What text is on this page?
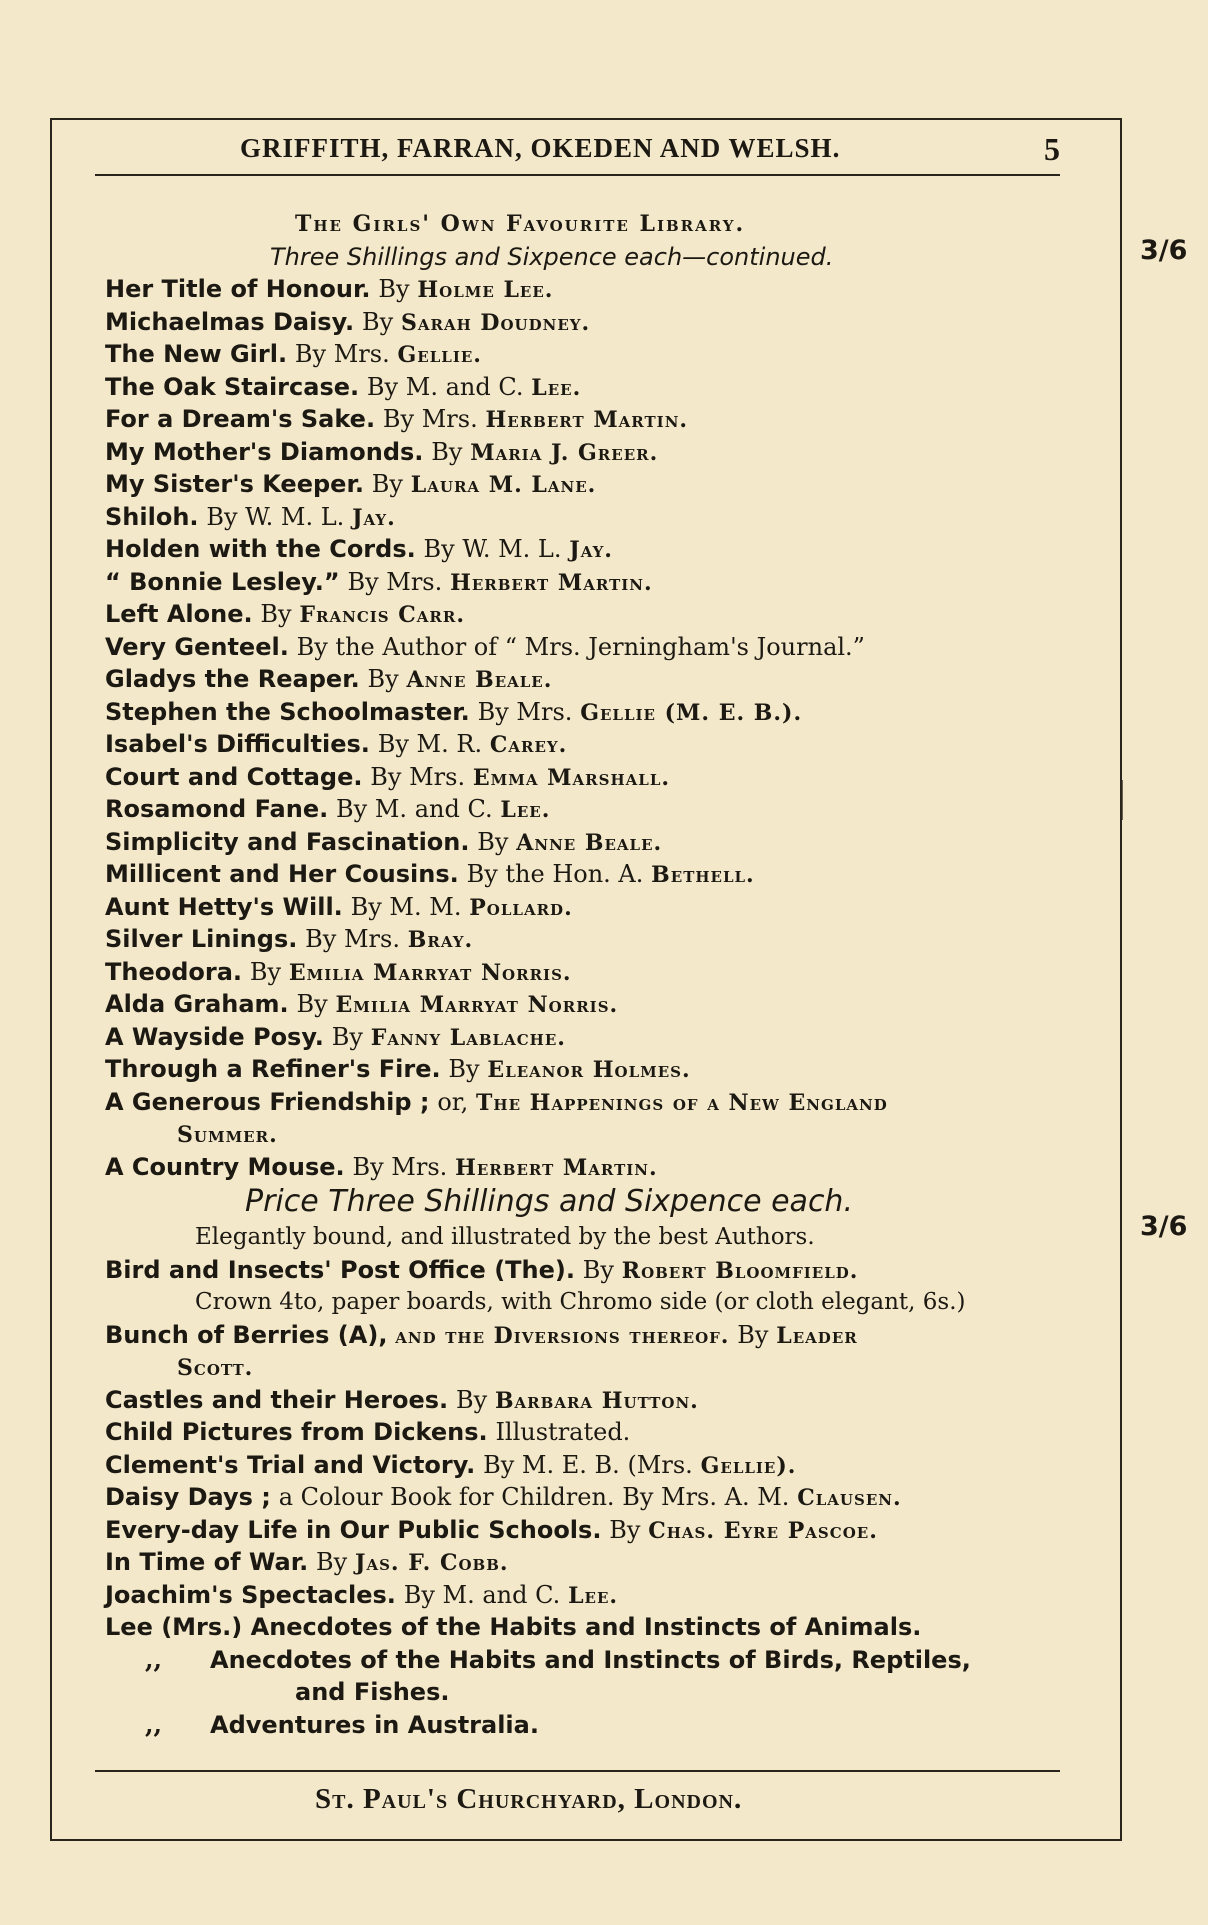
GRIFFITH, FARRAN, OKEDEN AND WELSH.	5
3/6
3/6
The Girls' Own Favourite Library.
Three Shillings and Sixpence each—continued.
Her Title of Honour. By Holme Lee.
Michaelmas Daisy. By Sarah Doudney.
The New Girl. By Mrs. Gellie.
The Oak Staircase. By M. and C. Lee.
For a Dream's Sake. By Mrs. Herbert Martin.
My Mother's Diamonds. By Maria J. Greer.
My Sister's Keeper. By Laura M. Lane.
Shiloh. By W. M. L. Jay.
Holden with the Cords. By W. M. L. Jay.
“ Bonnie Lesley.” By Mrs. Herbert Martin.
Left Alone. By Francis Carr.
Very Genteel. By the Author of “ Mrs. Jerningham's Journal.”
Gladys the Reaper. By Anne Beale.
Stephen the Schoolmaster. By Mrs. Gellie (M. E. B.).
Isabel's Difficulties. By M. R. Carey.
Court and Cottage. By Mrs. Emma Marshall.
Rosamond Fane. By M. and C. Lee.
Simplicity and Fascination. By Anne Beale.
Millicent and Her Cousins. By the Hon. A. Bethell.
Aunt Hetty's Will. By M. M. Pollard.
Silver Linings. By Mrs. Bray.
Theodora. By Emilia Marryat Norris.
Alda Graham. By Emilia Marryat Norris.
A Wayside Posy. By Fanny Lablache.
Through a Refiner's Fire. By Eleanor Holmes.
A Generous Friendship ; or, The Happenings of a New England
Summer.
A Country Mouse. By Mrs. Herbert Martin.
Price Three Shillings and Sixpence each.
Elegantly bound, and illustrated by the best Authors.
Bird and Insects' Post Office (The). By Robert Bloomfield.
Crown 4to, paper boards, with Chromo side (or cloth elegant, 6s.)
Bunch of Berries (A), and the Diversions thereof. By Leader
Scott.
Castles and their Heroes. By Barbara Hutton.
Child Pictures from Dickens. Illustrated.
Clement's Trial and Victory. By M. E. B. (Mrs. Gellie).
Daisy Days ; a Colour Book for Children. By Mrs. A. M. Clausen.
Every-day Life in Our Public Schools. By Chas. Eyre Pascoe.
In Time of War. By Jas. F. Cobb.
Joachim's Spectacles. By M. and C. Lee.
Lee (Mrs.) Anecdotes of the Habits and Instincts of Animals.
,, Anecdotes of the Habits and Instincts of Birds, Reptiles,
and Fishes.
,, Adventures in Australia.
St. Paul's Churchyard, London.
